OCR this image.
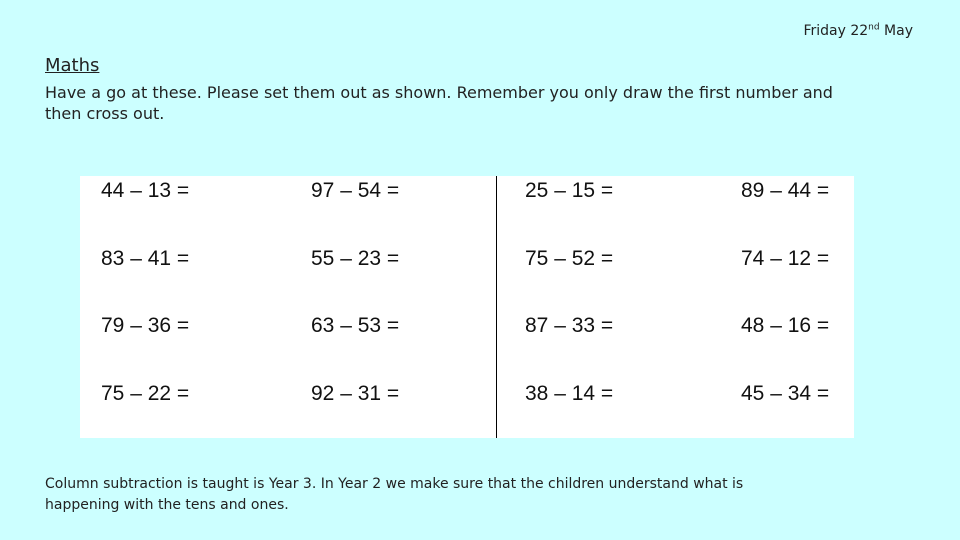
Friday 22nd May
Maths
Have a go at these. Please set them out as shown. Remember you only draw the first number and then cross out.
44 – 13 =	97 – 54 =	25 – 15 =	89 – 44 =
83 – 41 =	55 – 23 =	75 – 52 =	74 – 12 =
79 – 36 =	63 – 53 =	87 – 33 =	48 – 16 =
75 – 22 =	92 – 31 =	38 – 14 =	45 – 34 =
Column subtraction is taught is Year 3. In Year 2 we make sure that the children understand what is happening with the tens and ones.
